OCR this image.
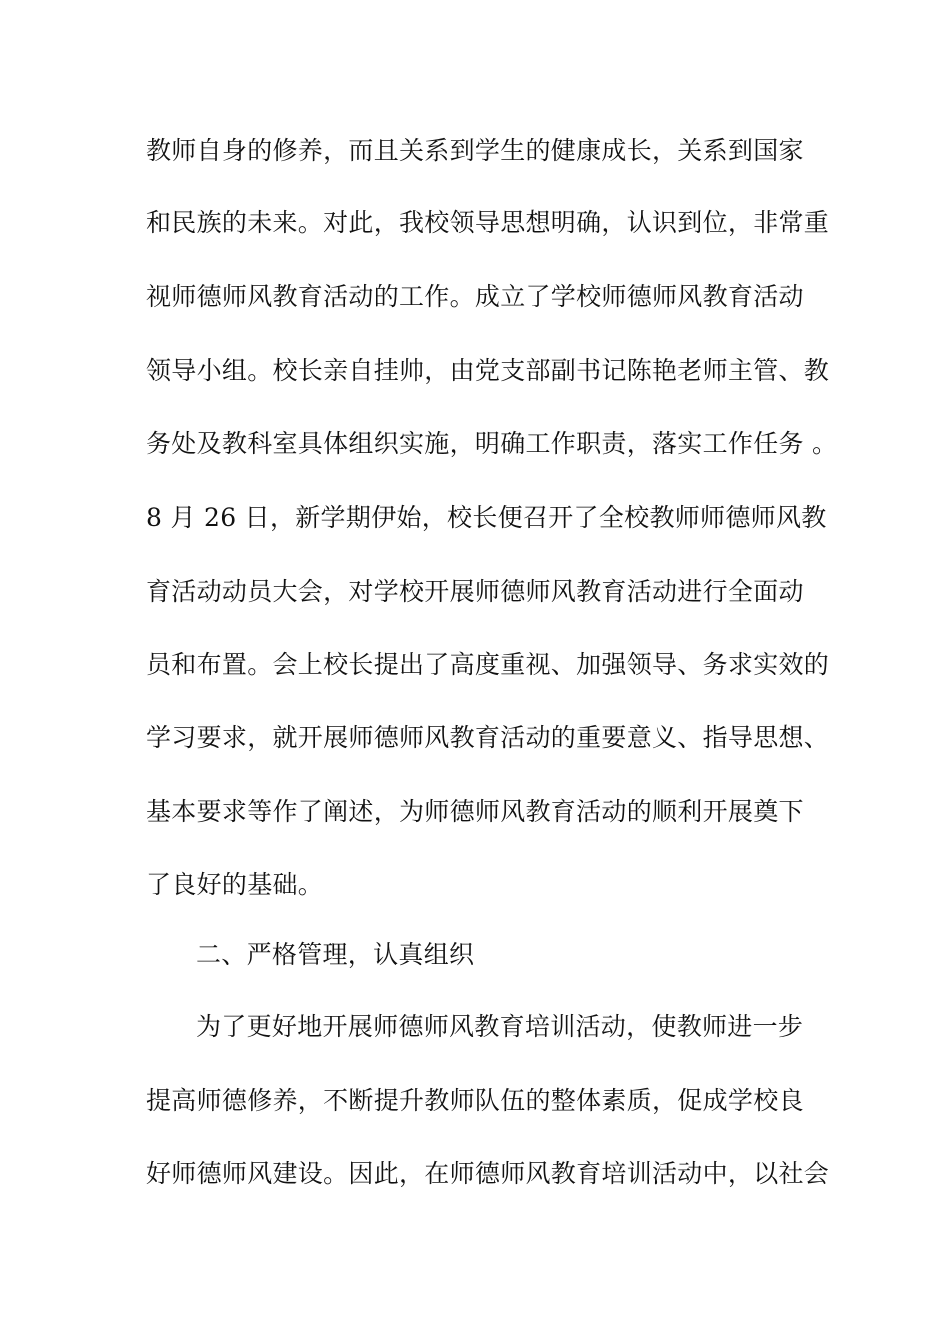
教师自身的修养，而且关系到学生的健康成长，关系到国家
和民族的未来。对此，我校领导思想明确，认识到位，非常重
视师德师风教育活动的工作。成立了学校师德师风教育活动
领导小组。校长亲自挂帅，由党支部副书记陈艳老师主管、教
务处及教科室具体组织实施，明确工作职责，落实工作任务 。
8 月 26 日，新学期伊始，校长便召开了全校教师师德师风教
育活动动员大会，对学校开展师德师风教育活动进行全面动
员和布置。会上校长提出了高度重视、加强领导、务求实效的
学习要求，就开展师德师风教育活动的重要意义、指导思想、
基本要求等作了阐述，为师德师风教育活动的顺利开展奠下
了良好的基础。
二、严格管理，认真组织
为了更好地开展师德师风教育培训活动，使教师进一步
提高师德修养，不断提升教师队伍的整体素质，促成学校良
好师德师风建设。因此，在师德师风教育培训活动中，以社会
